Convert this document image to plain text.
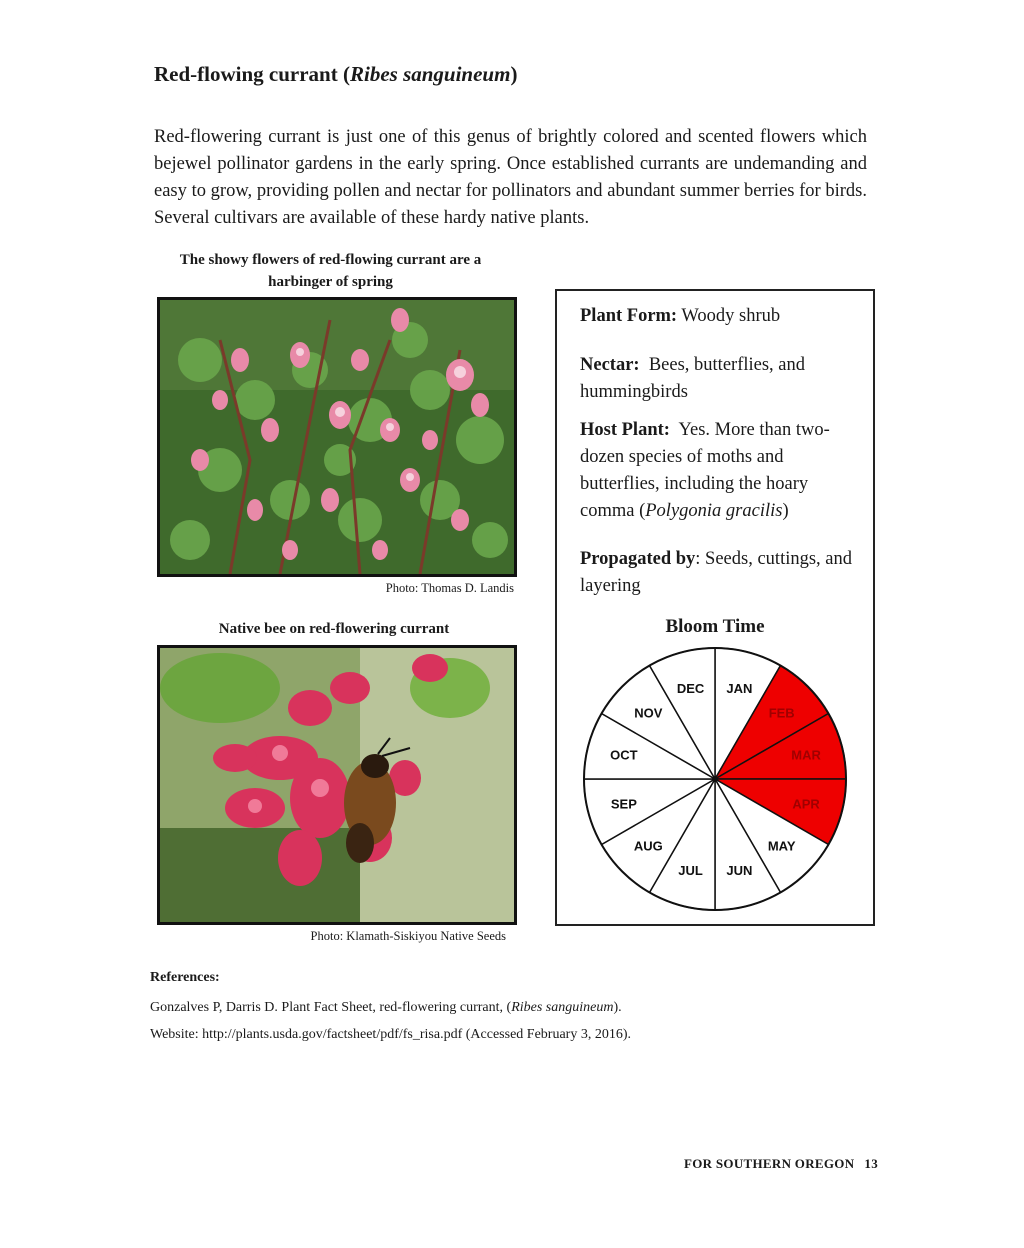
Red-flowing currant (Ribes sanguineum)

Red-flowering currant is just one of this genus of brightly colored and scented flowers which bejewel pollinator gardens in the early spring. Once established currants are undemanding and easy to grow, providing pollen and nectar for pollinators and abundant summer berries for birds. Several cultivars are available of these hardy native plants.

The showy flowers of red-flowing currant are a harbinger of spring
Photo: Thomas D. Landis
Native bee on red-flowering currant
Photo: Klamath-Siskiyou Native Seeds
Plant Form: Woody shrub
Nectar: Bees, butterflies, and hummingbirds
Host Plant: Yes. More than two-dozen species of moths and butterflies, including the hoary comma (Polygonia gracilis)
Propagated by: Seeds, cuttings, and layering
Bloom Time
JAN
FEB
MAR
APR
MAY
JUN
JUL
AUG
SEP
OCT
NOV
DEC
References:
Gonzalves P, Darris D. Plant Fact Sheet, red-flowering currant, (Ribes sanguineum).
Website: http://plants.usda.gov/factsheet/pdf/fs_risa.pdf (Accessed February 3, 2016).
FOR SOUTHERN OREGON 13
